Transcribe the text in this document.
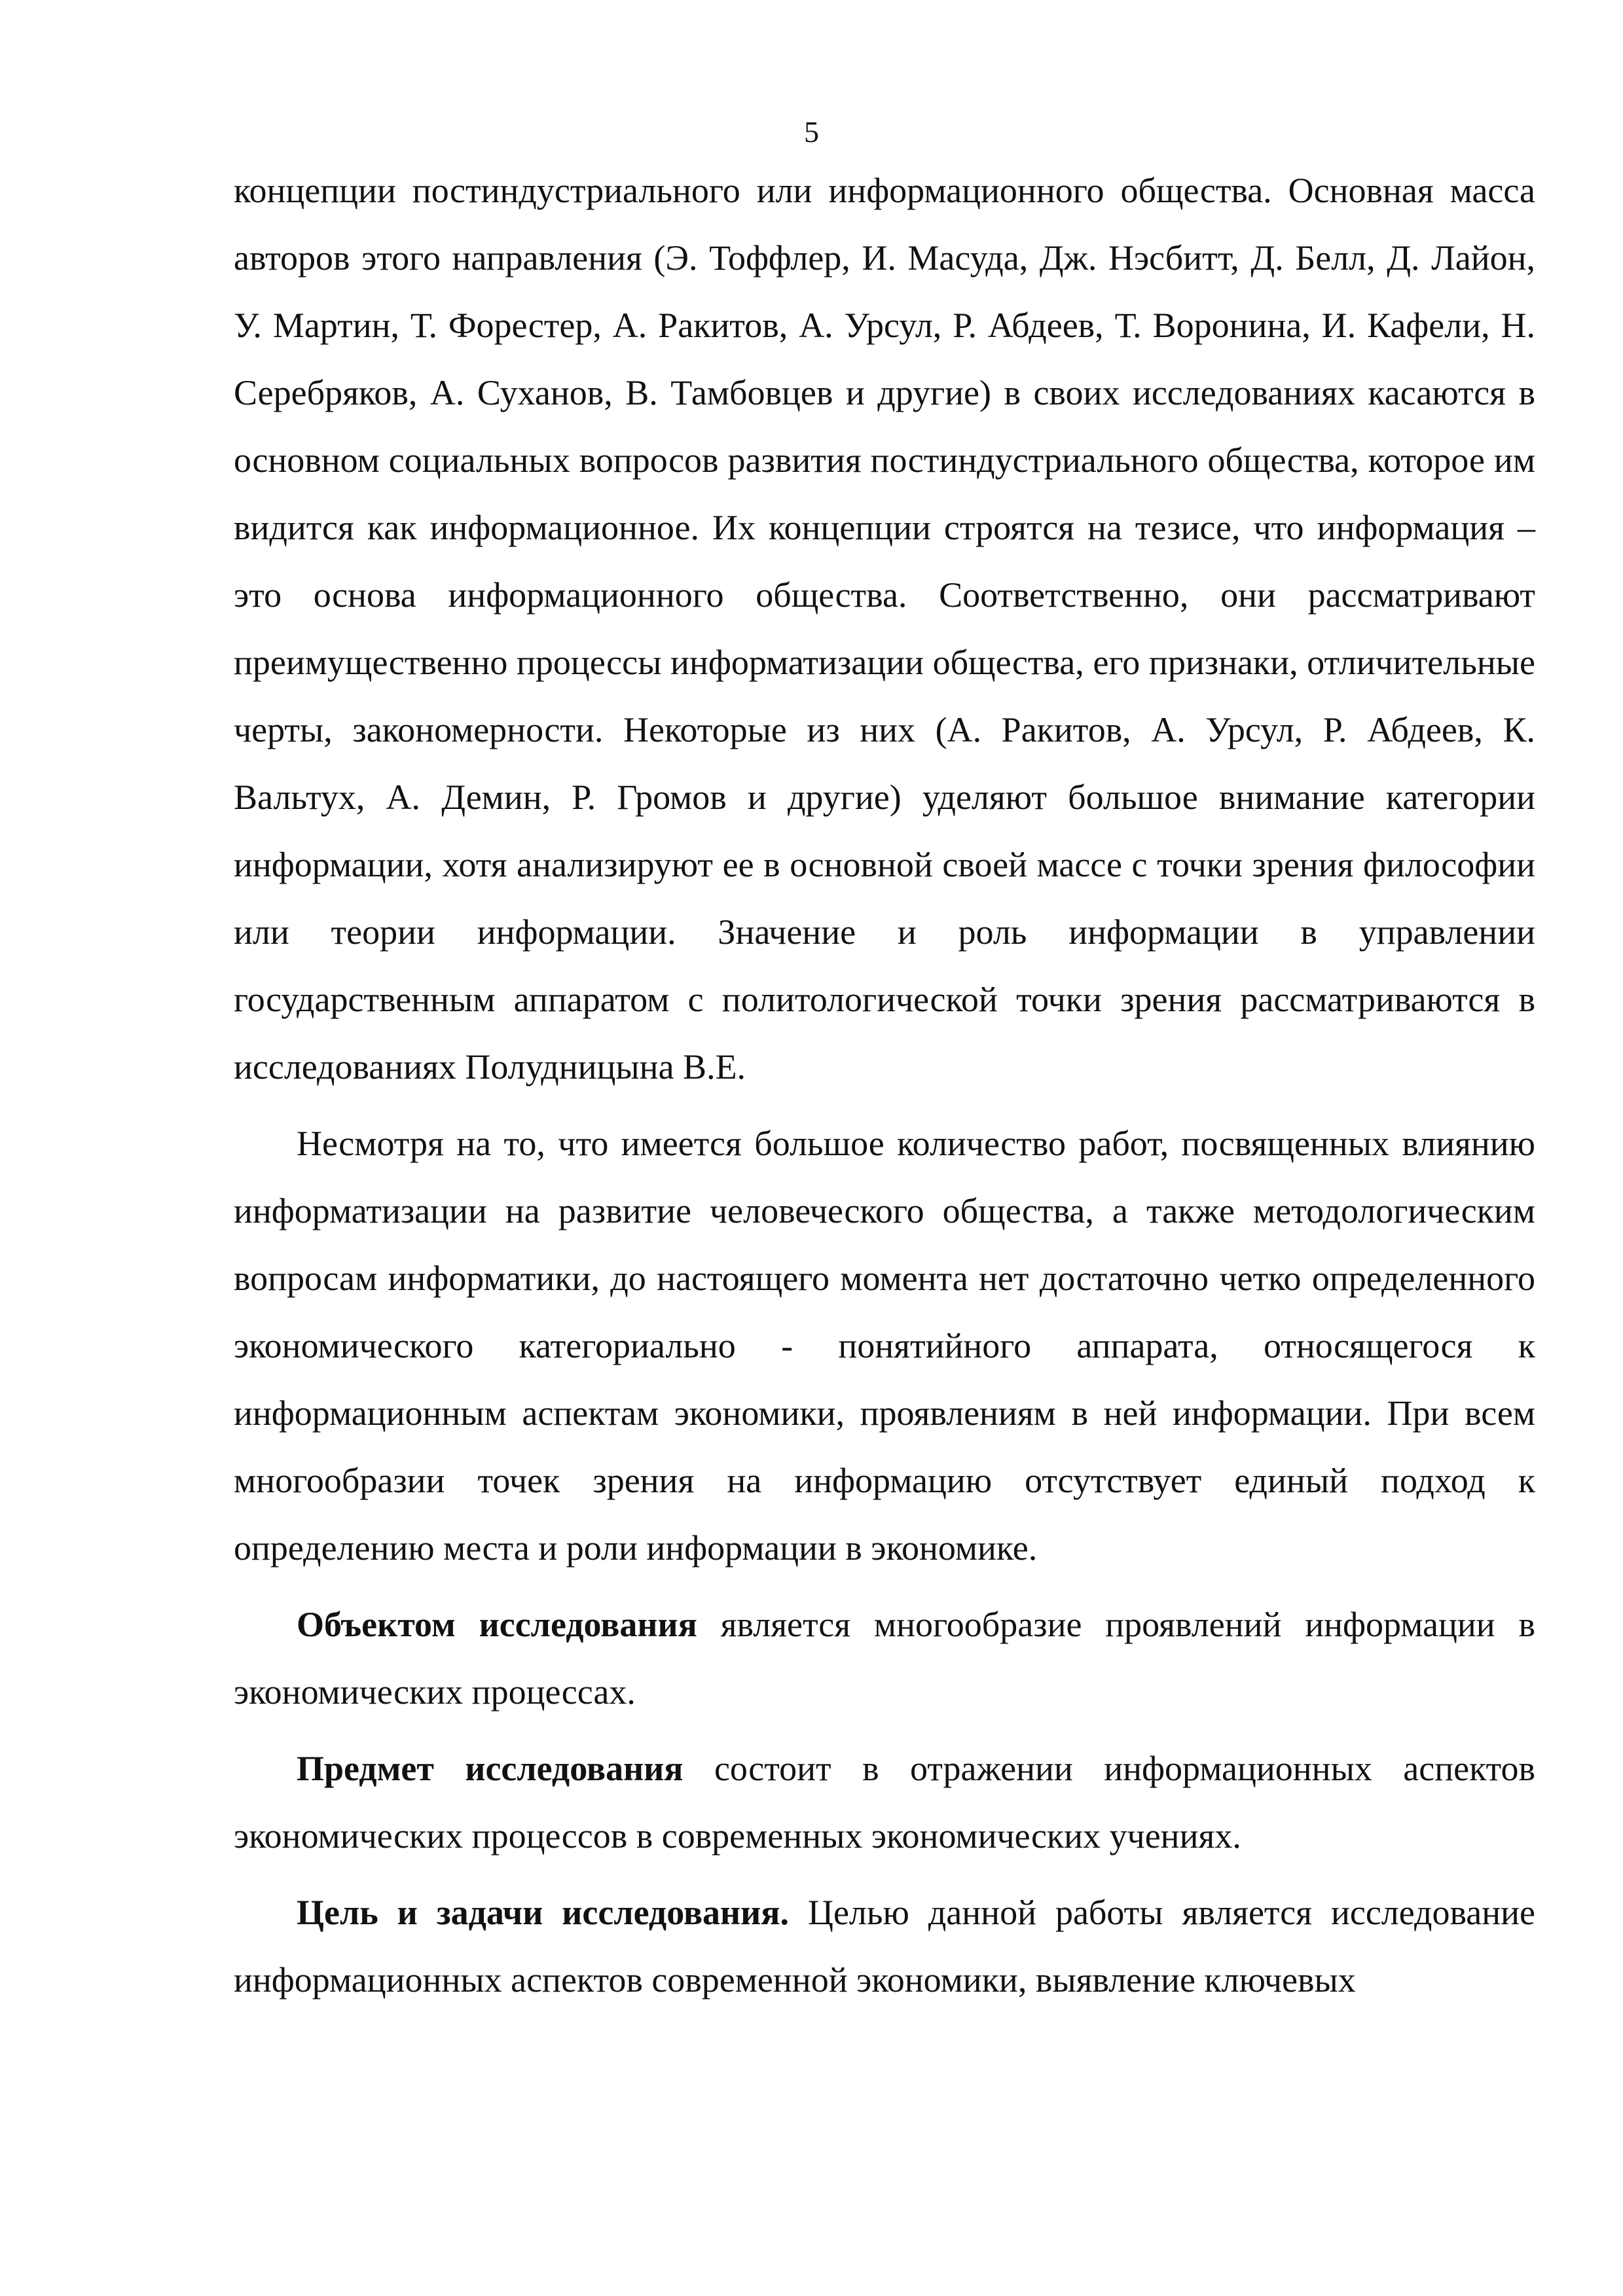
5

концепции постиндустриального или информационного общества. Основная масса авторов этого направления (Э. Тоффлер, И. Масуда, Дж. Нэсбитт, Д. Белл, Д. Лайон, У. Мартин, Т. Форестер, А. Ракитов, А. Урсул, Р. Абдеев, Т. Воронина, И. Кафели, Н. Серебряков, А. Суханов, В. Тамбовцев и другие) в своих исследованиях касаются в основном социальных вопросов развития постиндустриального общества, которое им видится как информационное. Их концепции строятся на тезисе, что информация – это основа информационного общества. Соответственно, они рассматривают преимущественно процессы информатизации общества, его признаки, отличительные черты, закономерности. Некоторые из них (А. Ракитов, А. Урсул, Р. Абдеев, К. Вальтух, А. Демин, Р. Громов и другие) уделяют большое внимание категории информации, хотя анализируют ее в основной своей массе с точки зрения философии или теории информации. Значение и роль информации в управлении государственным аппаратом с политологической точки зрения рассматриваются в исследованиях Полудницына В.Е.

Несмотря на то, что имеется большое количество работ, посвященных влиянию информатизации на развитие человеческого общества, а также методологическим вопросам информатики, до настоящего момента нет достаточно четко определенного экономического категориально - понятийного аппарата, относящегося к информационным аспектам экономики, проявлениям в ней информации. При всем многообразии точек зрения на информацию отсутствует единый подход к определению места и роли информации в экономике.

Объектом исследования является многообразие проявлений информации в экономических процессах.

Предмет исследования состоит в отражении информационных аспектов экономических процессов в современных экономических учениях.

Цель и задачи исследования. Целью данной работы является исследование информационных аспектов современной экономики, выявление ключевых
